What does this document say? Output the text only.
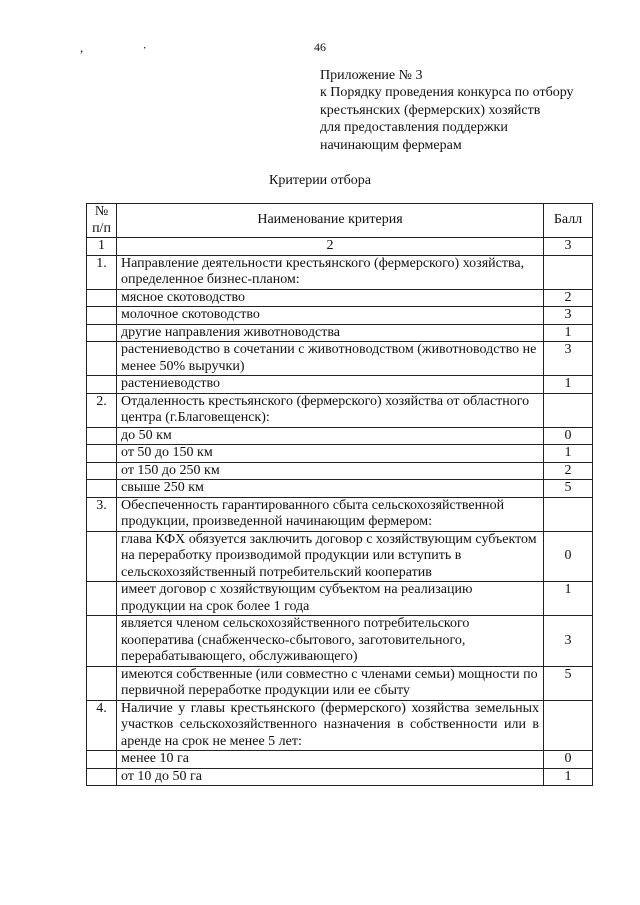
, ·	46
Приложение № 3
к Порядку проведения конкурса по отбору
крестьянских (фермерских) хозяйств
для предоставления поддержки
начинающим фермерам
Критерии отбора
№ п/п	Наименование критерия	Балл
1	2	3
1.	Направление деятельности крестьянского (фермерского) хозяйства, определенное бизнес-планом:	
	мясное скотоводство	2
	молочное скотоводство	3
	другие направления животноводства	1
	растениеводство в сочетании с животноводством (животноводство не менее 50% выручки)	3
	растениеводство	1
2.	Отдаленность крестьянского (фермерского) хозяйства от областного центра (г.Благовещенск):	
	до 50 км	0
	от 50 до 150 км	1
	от 150 до 250 км	2
	свыше 250 км	5
3.	Обеспеченность гарантированного сбыта сельскохозяйственной продукции, произведенной начинающим фермером:	
	глава КФХ обязуется заключить договор с хозяйствующим субъектом на переработку производимой продукции или вступить в сельскохозяйственный потребительский кооператив	0
	имеет договор с хозяйствующим субъектом на реализацию продукции на срок более 1 года	1
	является членом сельскохозяйственного потребительского кооператива (снабженческо-сбытового, заготовительного, перерабатывающего, обслуживающего)	3
	имеются собственные (или совместно с членами семьи) мощности по первичной переработке продукции или ее сбыту	5
4.	Наличие у главы крестьянского (фермерского) хозяйства земельных участков сельскохозяйственного назначения в собственности или в аренде на срок не менее 5 лет:	
	менее 10 га	0
	от 10 до 50 га	1
